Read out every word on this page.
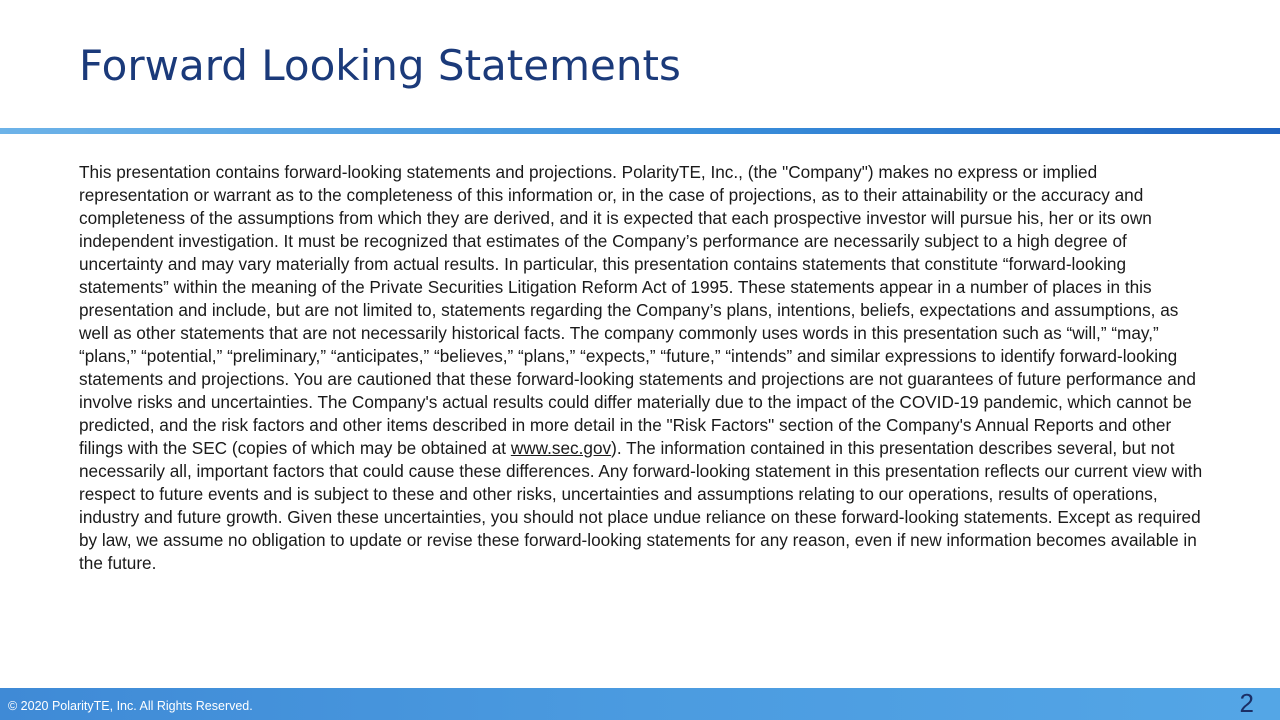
Forward Looking Statements

This presentation contains forward-looking statements and projections. PolarityTE, Inc., (the "Company") makes no express or implied representation or warrant as to the completeness of this information or, in the case of projections, as to their attainability or the accuracy and completeness of the assumptions from which they are derived, and it is expected that each prospective investor will pursue his, her or its own independent investigation. It must be recognized that estimates of the Company’s performance are necessarily subject to a high degree of uncertainty and may vary materially from actual results. In particular, this presentation contains statements that constitute “forward-looking statements” within the meaning of the Private Securities Litigation Reform Act of 1995. These statements appear in a number of places in this presentation and include, but are not limited to, statements regarding the Company’s plans, intentions, beliefs, expectations and assumptions, as well as other statements that are not necessarily historical facts. The company commonly uses words in this presentation such as “will,” “may,” “plans,” “potential,” “preliminary,” “anticipates,” “believes,” “plans,” “expects,” “future,” “intends” and similar expressions to identify forward-looking statements and projections. You are cautioned that these forward-looking statements and projections are not guarantees of future performance and involve risks and uncertainties. The Company's actual results could differ materially due to the impact of the COVID-19 pandemic, which cannot be predicted, and the risk factors and other items described in more detail in the "Risk Factors" section of the Company's Annual Reports and other filings with the SEC (copies of which may be obtained at www.sec.gov). The information contained in this presentation describes several, but not necessarily all, important factors that could cause these differences. Any forward-looking statement in this presentation reflects our current view with respect to future events and is subject to these and other risks, uncertainties and assumptions relating to our operations, results of operations, industry and future growth. Given these uncertainties, you should not place undue reliance on these forward-looking statements. Except as required by law, we assume no obligation to update or revise these forward-looking statements for any reason, even if new information becomes available in the future.

© 2020 PolarityTE, Inc. All Rights Reserved.	2
